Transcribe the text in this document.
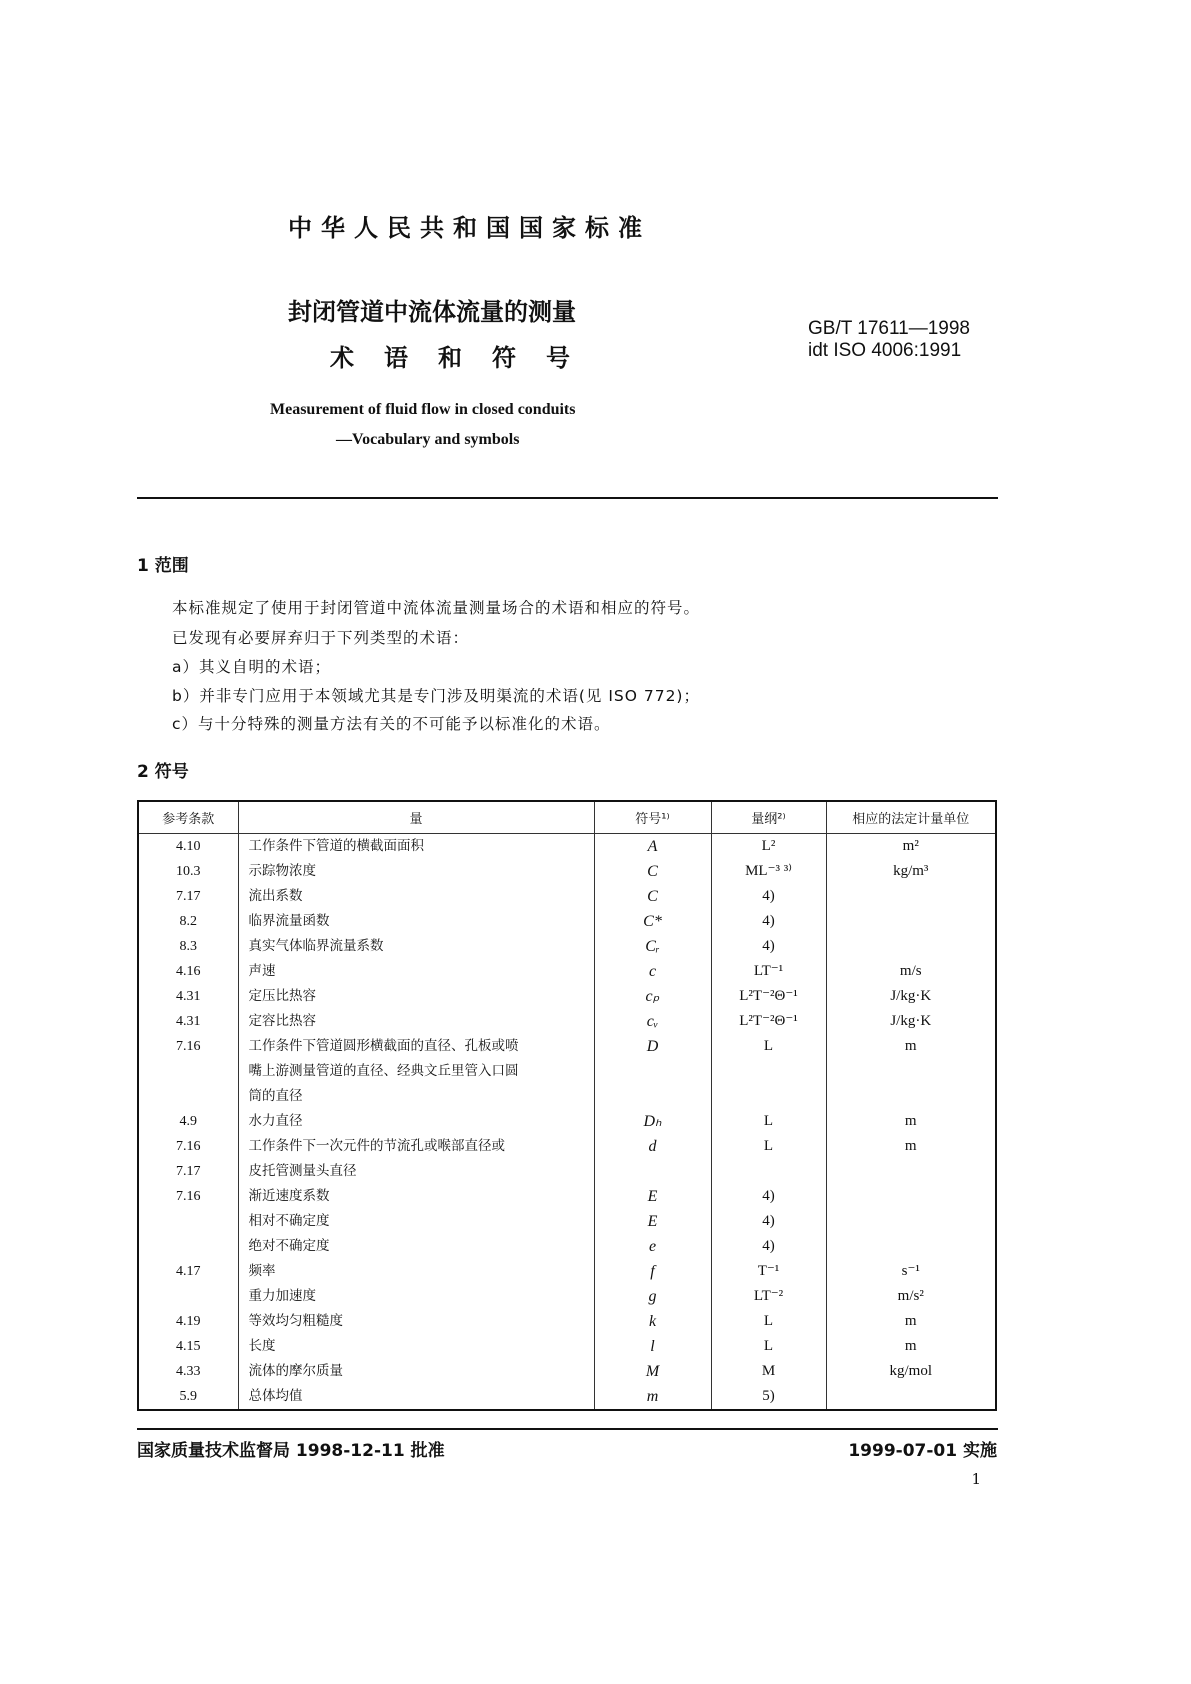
中华人民共和国国家标准
封闭管道中流体流量的测量
术语和符号
GB/T 17611—1998
idt ISO 4006:1991
Measurement of fluid flow in closed conduits
—Vocabulary and symbols
1 范围
本标准规定了使用于封闭管道中流体流量测量场合的术语和相应的符号。
已发现有必要屏弃归于下列类型的术语：
a）其义自明的术语；
b）并非专门应用于本领域尤其是专门涉及明渠流的术语(见 ISO 772)；
c）与十分特殊的测量方法有关的不可能予以标准化的术语。
2 符号
参考条款	量	符号¹⁾	量纲²⁾	相应的法定计量单位

4.10	工作条件下管道的横截面面积	A	L²	m²

10.3	示踪物浓度	C	ML⁻³ ³⁾	kg/m³

7.17	流出系数	C	4)	

8.2	临界流量函数	C*	4)	

8.3	真实气体临界流量系数	Cᵣ	4)	

4.16	声速	c	LT⁻¹	m/s

4.31	定压比热容	cₚ	L²T⁻²Θ⁻¹	J/kg·K

4.31	定容比热容	cᵥ	L²T⁻²Θ⁻¹	J/kg·K

7.16	工作条件下管道圆形横截面的直径、孔板或喷
嘴上游测量管道的直径、经典文丘里管入口圆
筒的直径	D	L	m

4.9	水力直径	Dₕ	L	m

7.16
7.17	工作条件下一次元件的节流孔或喉部直径或
皮托管测量头直径	d	L	m

7.16	渐近速度系数	E	4)	

	相对不确定度	E	4)	

	绝对不确定度	e	4)	

4.17	频率	f	T⁻¹	s⁻¹

	重力加速度	g	LT⁻²	m/s²

4.19	等效均匀粗糙度	k	L	m

4.15	长度	l	L	m

4.33	流体的摩尔质量	M	M	kg/mol

5.9	总体均值	m	5)	

国家质量技术监督局 1998-12-11 批准	1999-07-01 实施
1
